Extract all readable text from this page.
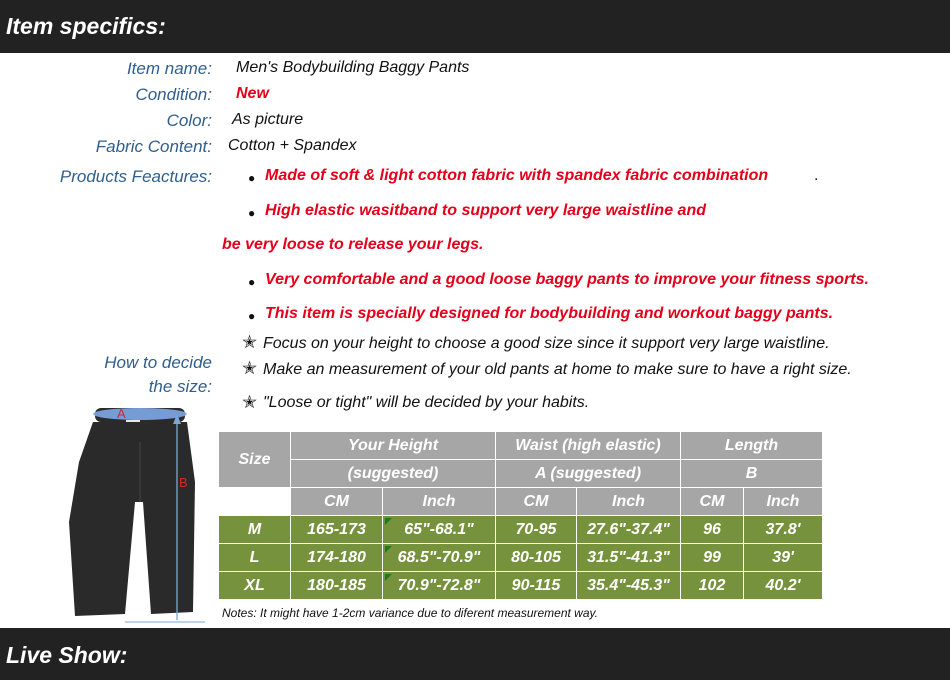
Item specifics:
Item name: Men's Bodybuilding Baggy Pants
Condition: New
Color: As picture
Fabric Content: Cotton + Spandex
Products Feactures:	● Made of soft & light cotton fabric with spandex fabric combination	.
● High elastic wasitband to support very large waistline and
be very loose to release your legs.
● Very comfortable and a good loose baggy pants to improve your fitness sports.
● This item is specially designed for bodybuilding and workout baggy pants.
How to decide
the size:
✭ Focus on your height to choose a good size since it support very large waistline.
✭ Make an measurement of your old pants at home to make sure to have a right size.
✭ "Loose or tight" will be decided by your habits.
A
B
Size	Your Height		Waist (high elastic)		Length	
	(suggested)		A (suggested)		B	
	CM	Inch	CM	Inch	CM	Inch
M	165-173	65"-68.1"	70-95	27.6"-37.4"	96	37.8'
L	174-180	68.5"-70.9"	80-105	31.5"-41.3"	99	39'
XL	180-185	70.9"-72.8"	90-115	35.4"-45.3"	102	40.2'
Notes: It might have 1-2cm variance due to diferent measurement way.
Live Show:
